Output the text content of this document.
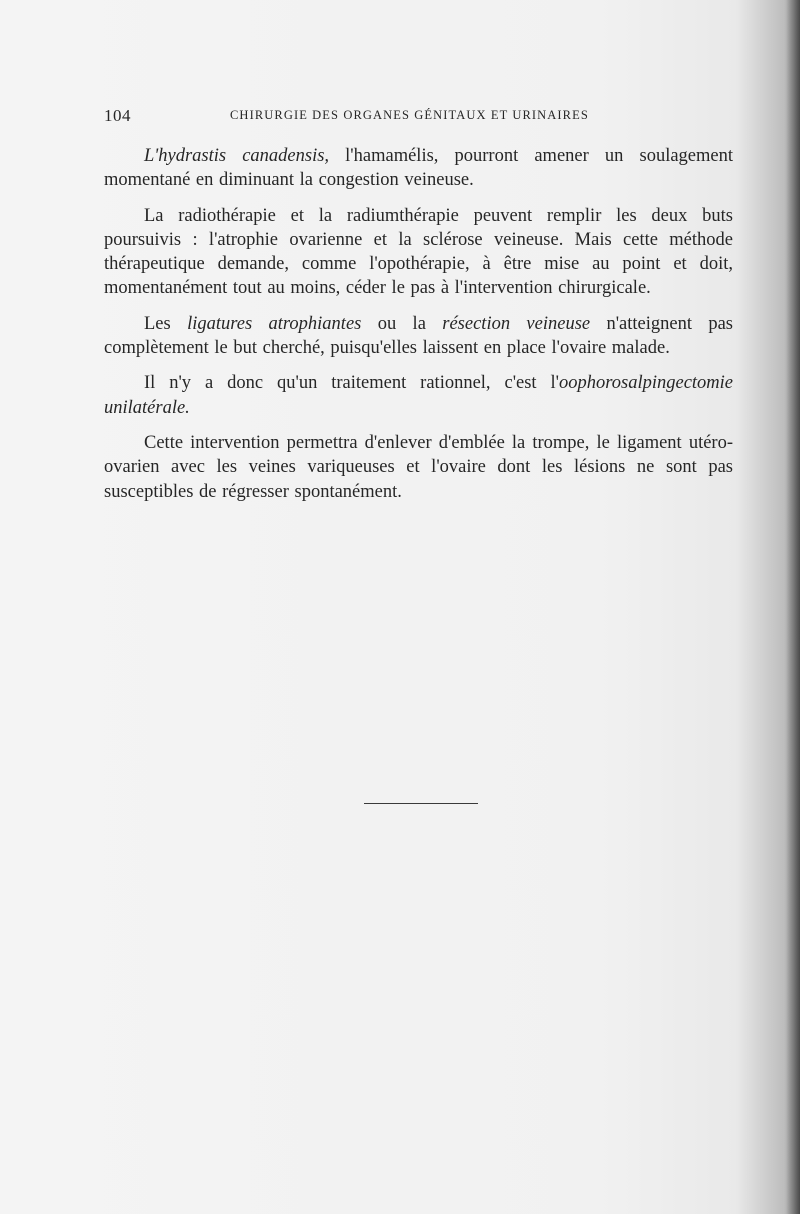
104	CHIRURGIE DES ORGANES GÉNITAUX ET URINAIRES

L'hydrastis canadensis, l'hamamélis, pourront amener un soulagement momentané en diminuant la congestion veineuse.

La radiothérapie et la radiumthérapie peuvent remplir les deux buts poursuivis : l'atrophie ovarienne et la sclérose veineuse. Mais cette méthode thérapeutique demande, comme l'opothérapie, à être mise au point et doit, momentanément tout au moins, céder le pas à l'intervention chirurgicale.

Les ligatures atrophiantes ou la résection veineuse n'atteignent pas complètement le but cherché, puisqu'elles laissent en place l'ovaire malade.

Il n'y a donc qu'un traitement rationnel, c'est l'oophorosalpingectomie unilatérale.

Cette intervention permettra d'enlever d'emblée la trompe, le ligament utéro-ovarien avec les veines variqueuses et l'ovaire dont les lésions ne sont pas susceptibles de régresser spontanément.
